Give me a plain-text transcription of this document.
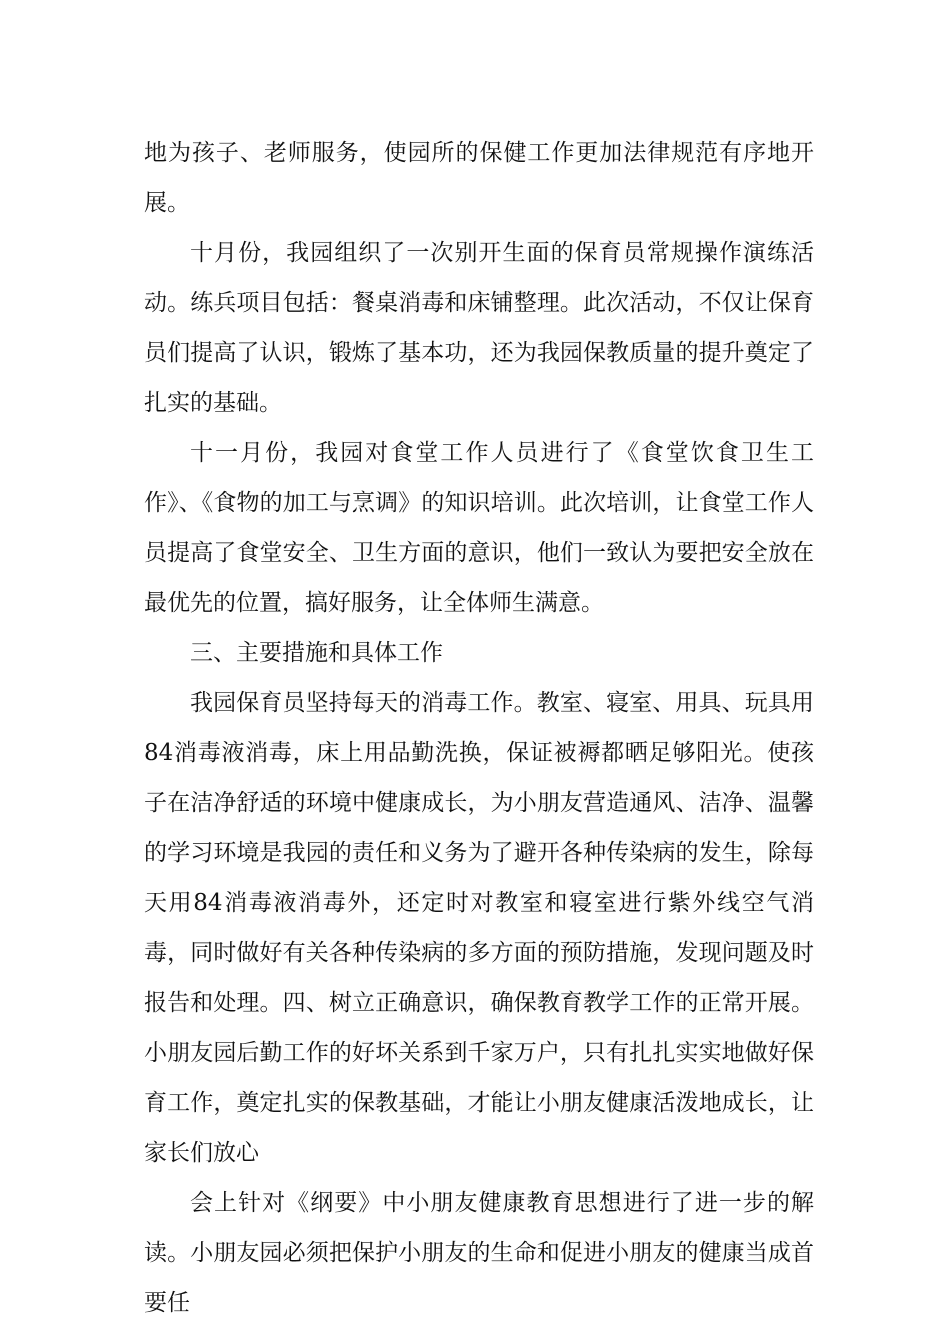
地为孩子、老师服务，使园所的保健工作更加法律规范有序地开展。

十月份，我园组织了一次别开生面的保育员常规操作演练活动。练兵项目包括：餐桌消毒和床铺整理。此次活动，不仅让保育员们提高了认识，锻炼了基本功，还为我园保教质量的提升奠定了扎实的基础。

十一月份，我园对食堂工作人员进行了《食堂饮食卫生工作》、《食物的加工与烹调》的知识培训。此次培训，让食堂工作人员提高了食堂安全、卫生方面的意识，他们一致认为要把安全放在最优先的位置，搞好服务，让全体师生满意。

三、主要措施和具体工作

我园保育员坚持每天的消毒工作。教室、寝室、用具、玩具用84消毒液消毒，床上用品勤洗换，保证被褥都晒足够阳光。使孩子在洁净舒适的环境中健康成长，为小朋友营造通风、洁净、温馨的学习环境是我园的责任和义务为了避开各种传染病的发生，除每天用84消毒液消毒外，还定时对教室和寝室进行紫外线空气消毒，同时做好有关各种传染病的多方面的预防措施，发现问题及时报告和处理。四、树立正确意识，确保教育教学工作的正常开展。小朋友园后勤工作的好坏关系到千家万户，只有扎扎实实地做好保育工作，奠定扎实的保教基础，才能让小朋友健康活泼地成长，让家长们放心

会上针对《纲要》中小朋友健康教育思想进行了进一步的解读。小朋友园必须把保护小朋友的生命和促进小朋友的健康当成首要任
